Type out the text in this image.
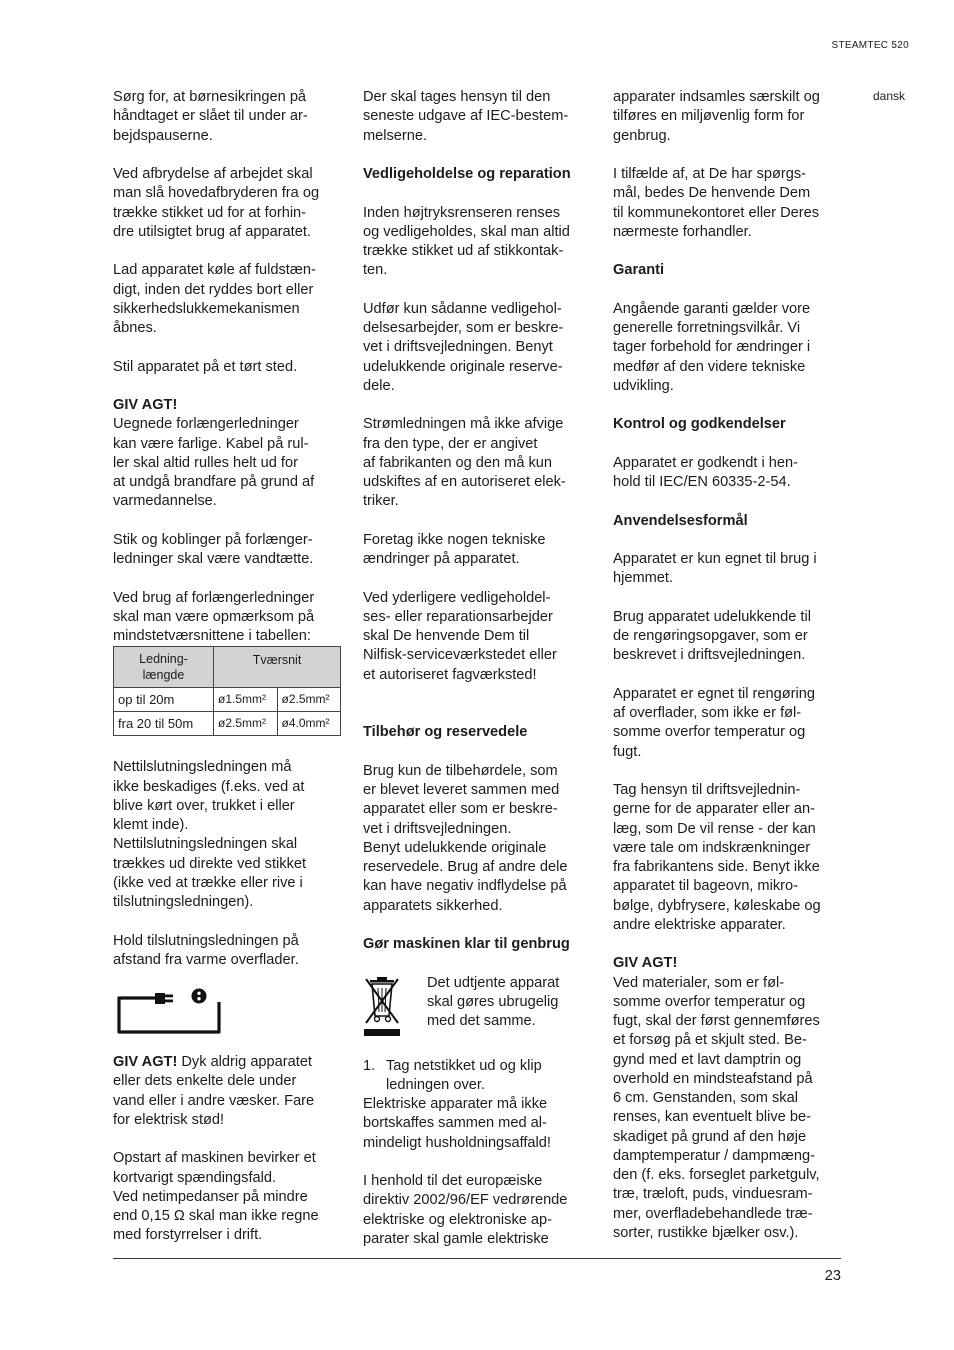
STEAMTEC 520
dansk

Sørg for, at børnesikringen på
håndtaget er slået til under ar-
bejdspauserne.

Ved afbrydelse af arbejdet skal
man slå hovedafbryderen fra og
trække stikket ud for at forhin-
dre utilsigtet brug af apparatet.

Lad apparatet køle af fuldstæn-
digt, inden det ryddes bort eller
sikkerhedslukkemekanismen
åbnes.

Stil apparatet på et tørt sted.

GIV AGT!

Uegnede forlængerledninger
kan være farlige. Kabel på rul-
ler skal altid rulles helt ud for
at undgå brandfare på grund af
varmedannelse.

Stik og koblinger på forlænger-
ledninger skal være vandtætte.

Ved brug af forlængerledninger
skal man være opmærksom på
mindstetværsnittene i tabellen:

Ledning-
længde	Tværsnit	
op til 20m	ø1.5mm²	ø2.5mm²
fra 20 til 50m	ø2.5mm²	ø4.0mm²

Nettilslutningsledningen må
ikke beskadiges (f.eks. ved at
blive kørt over, trukket i eller
klemt inde).
Nettilslutningsledningen skal
trækkes ud direkte ved stikket
(ikke ved at trække eller rive i
tilslutningsledningen).

Hold tilslutningsledningen på
afstand fra varme overflader.

GIV AGT! Dyk aldrig apparatet
eller dets enkelte dele under
vand eller i andre væsker. Fare
for elektrisk stød!

Opstart af maskinen bevirker et
kortvarigt spændingsfald.
Ved netimpedanser på mindre
end 0,15 Ω skal man ikke regne
med forstyrrelser i drift.

Der skal tages hensyn til den
seneste udgave af IEC-bestem-
melserne.

Vedligeholdelse og reparation

Inden højtryksrenseren renses
og vedligeholdes, skal man altid
trække stikket ud af stikkontak-
ten.

Udfør kun sådanne vedligehol-
delsesarbejder, som er beskre-
vet i driftsvejledningen. Benyt
udelukkende originale reserve-
dele.

Strømledningen må ikke afvige
fra den type, der er angivet
af fabrikanten og den må kun
udskiftes af en autoriseret elek-
triker.

Foretag ikke nogen tekniske
ændringer på apparatet.

Ved yderligere vedligeholdel-
ses- eller reparationsarbejder
skal De henvende Dem til
Nilfisk-serviceværkstedet eller
et autoriseret fagværksted!

Tilbehør og reservedele

Brug kun de tilbehørdele, som
er blevet leveret sammen med
apparatet eller som er beskre-
vet i driftsvejledningen.
Benyt udelukkende originale
reservedele. Brug af andre dele
kan have negativ indflydelse på
apparatets sikkerhed.

Gør maskinen klar til genbrug

Det udtjente apparat
skal gøres ubrugelig
med det samme.
1. Tag netstikket ud og klip
ledningen over.

Elektriske apparater må ikke
bortskaffes sammen med al-
mindeligt husholdningsaffald!

I henhold til det europæiske
direktiv 2002/96/EF vedrørende
elektriske og elektroniske ap-
parater skal gamle elektriske

apparater indsamles særskilt og
tilføres en miljøvenlig form for
genbrug.

I tilfælde af, at De har spørgs-
mål, bedes De henvende Dem
til kommunekontoret eller Deres
nærmeste forhandler.

Garanti

Angående garanti gælder vore
generelle forretningsvilkår. Vi
tager forbehold for ændringer i
medfør af den videre tekniske
udvikling.

Kontrol og godkendelser

Apparatet er godkendt i hen-
hold til IEC/EN 60335-2-54.

Anvendelsesformål

Apparatet er kun egnet til brug i
hjemmet.

Brug apparatet udelukkende til
de rengøringsopgaver, som er
beskrevet i driftsvejledningen.

Apparatet er egnet til rengøring
af overflader, som ikke er føl-
somme overfor temperatur og
fugt.

Tag hensyn til driftsvejlednin-
gerne for de apparater eller an-
læg, som De vil rense - der kan
være tale om indskrænkninger
fra fabrikantens side. Benyt ikke
apparatet til bageovn, mikro-
bølge, dybfrysere, køleskabe og
andre elektriske apparater.

GIV AGT!

Ved materialer, som er føl-
somme overfor temperatur og
fugt, skal der først gennemføres
et forsøg på et skjult sted. Be-
gynd med et lavt damptrin og
overhold en mindsteafstand på
6 cm. Genstanden, som skal
renses, kan eventuelt blive be-
skadiget på grund af den høje
damptemperatur / dampmæng-
den (f. eks. forseglet parketgulv,
træ, træloft, puds, vinduesram-
mer, overfladebehandlede træ-
sorter, rustikke bjælker osv.).

23
